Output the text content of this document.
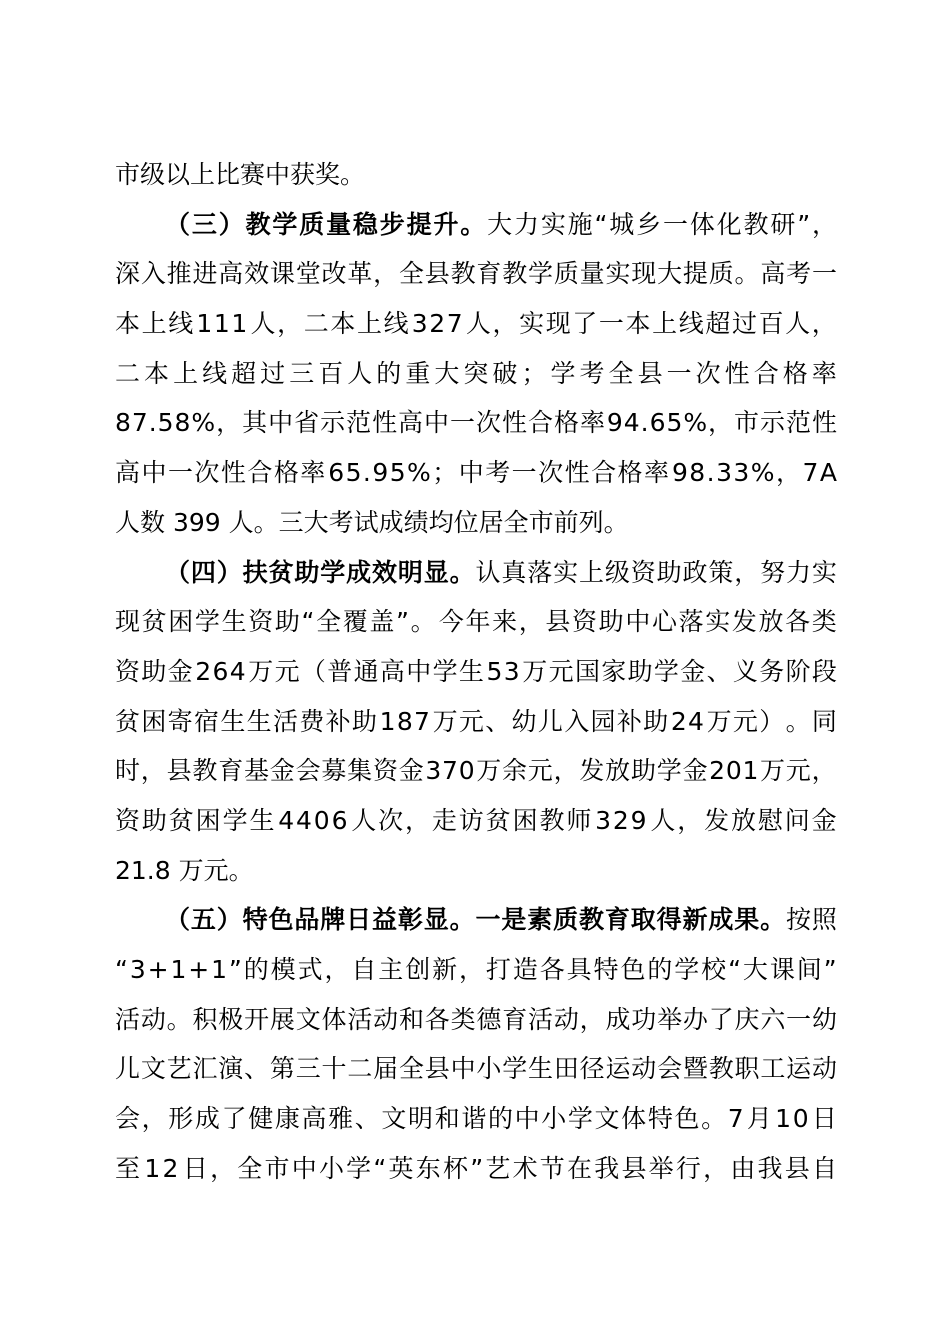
市级以上比赛中获奖。
（ 三 ） 教 学 质 量 稳 步 提 升 。 大 力 实 施 “ 城 乡 一 体 化 教 研 ” ，
深 入 推 进 高 效 课 堂 改 革 ， 全 县 教 育 教 学 质 量 实 现 大 提 质 。 高 考 一
本 上 线 1 1 1 人 ， 二 本 上 线 3 2 7 人 ， 实 现 了 一 本 上 线 超 过 百 人 ，
二 本 上 线 超 过 三 百 人 的 重 大 突 破 ； 学 考 全 县 一 次 性 合 格 率
8 7 . 5 8 % ， 其 中 省 示 范 性 高 中 一 次 性 合 格 率 9 4 . 6 5 % ， 市 示 范 性
高 中 一 次 性 合 格 率 6 5 . 9 5 % ； 中 考 一 次 性 合 格 率 9 8 . 3 3 % ， 7 A
人数 399 人。三大考试成绩均位居全市前列。
（ 四 ） 扶 贫 助 学 成 效 明 显 。 认 真 落 实 上 级 资 助 政 策 ， 努 力 实
现 贫 困 学 生 资 助 “ 全 覆 盖 ” 。 今 年 来 ， 县 资 助 中 心 落 实 发 放 各 类
资 助 金 2 6 4 万 元 （ 普 通 高 中 学 生 5 3 万 元 国 家 助 学 金 、 义 务 阶 段
贫 困 寄 宿 生 生 活 费 补 助 1 8 7 万 元 、 幼 儿 入 园 补 助 2 4 万 元 ） 。 同
时 ， 县 教 育 基 金 会 募 集 资 金 3 7 0 万 余 元 ， 发 放 助 学 金 2 0 1 万 元 ，
资 助 贫 困 学 生 4 4 0 6 人 次 ， 走 访 贫 困 教 师 3 2 9 人 ， 发 放 慰 问 金
21.8 万元。
（ 五 ） 特 色 品 牌 日 益 彰 显 。 一 是 素 质 教 育 取 得 新 成 果 。 按 照
“ 3 + 1 + 1 ” 的 模 式 ， 自 主 创 新 ， 打 造 各 具 特 色 的 学 校 “ 大 课 间 ”
活 动 。 积 极 开 展 文 体 活 动 和 各 类 德 育 活 动 ， 成 功 举 办 了 庆 六 一 幼
儿 文 艺 汇 演 、 第 三 十 二 届 全 县 中 小 学 生 田 径 运 动 会 暨 教 职 工 运 动
会 ， 形 成 了 健 康 高 雅 、 文 明 和 谐 的 中 小 学 文 体 特 色 。 7 月 1 0 日
至 1 2 日 ， 全 市 中 小 学 “ 英 东 杯 ” 艺 术 节 在 我 县 举 行 ， 由 我 县 自
